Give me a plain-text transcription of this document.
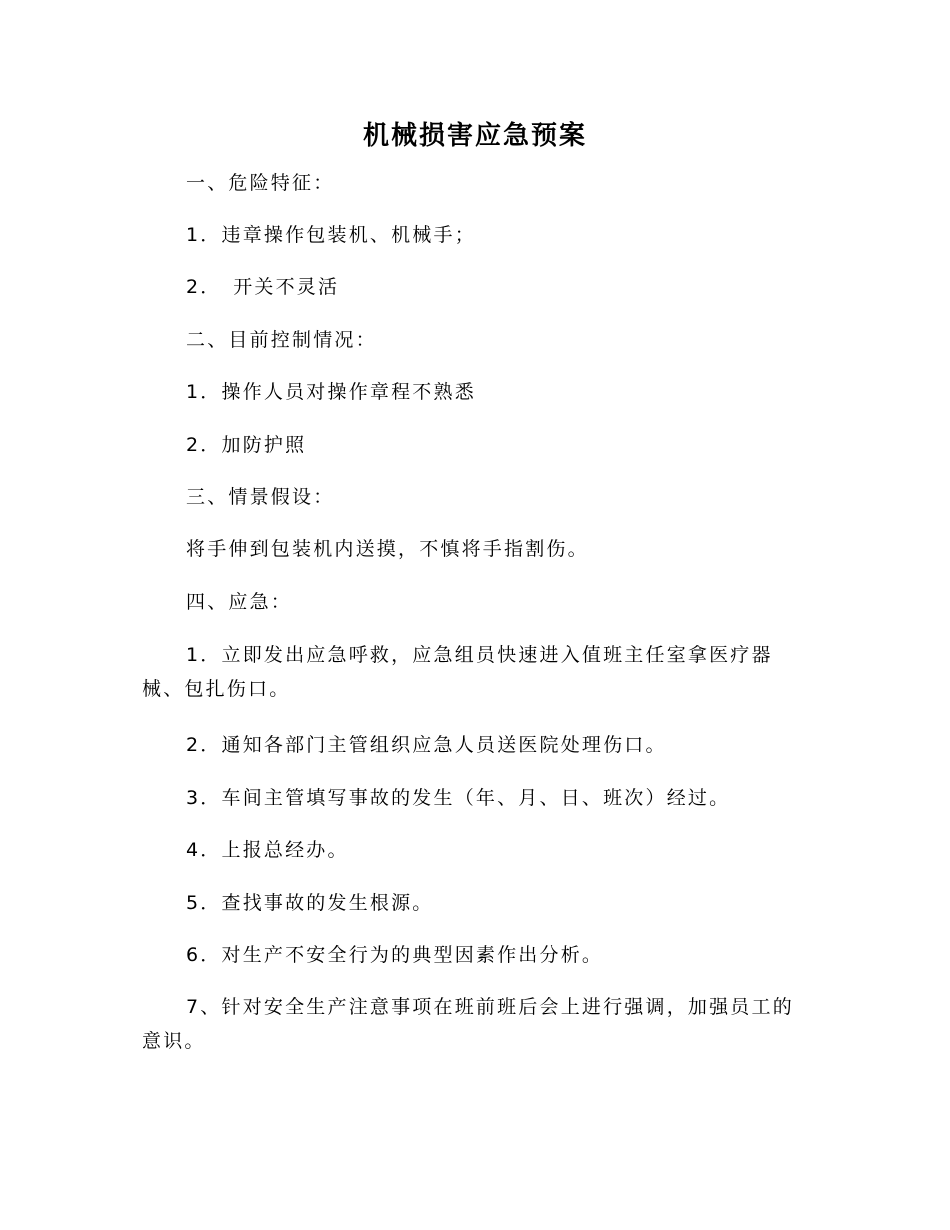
机械损害应急预案
一、危险特征：
1．违章操作包装机、机械手；
2．　开关不灵活
二、目前控制情况：
1．操作人员对操作章程不熟悉
2．加防护照
三、情景假设：
将手伸到包装机内送摸，不慎将手指割伤。
四、应急：
1．立即发出应急呼救，应急组员快速进入值班主任室拿医疗器械、包扎伤口。
2．通知各部门主管组织应急人员送医院处理伤口。
3．车间主管填写事故的发生（年、月、日、班次）经过。
4．上报总经办。
5．查找事故的发生根源。
6．对生产不安全行为的典型因素作出分析。
7、针对安全生产注意事项在班前班后会上进行强调，加强员工的意识。
